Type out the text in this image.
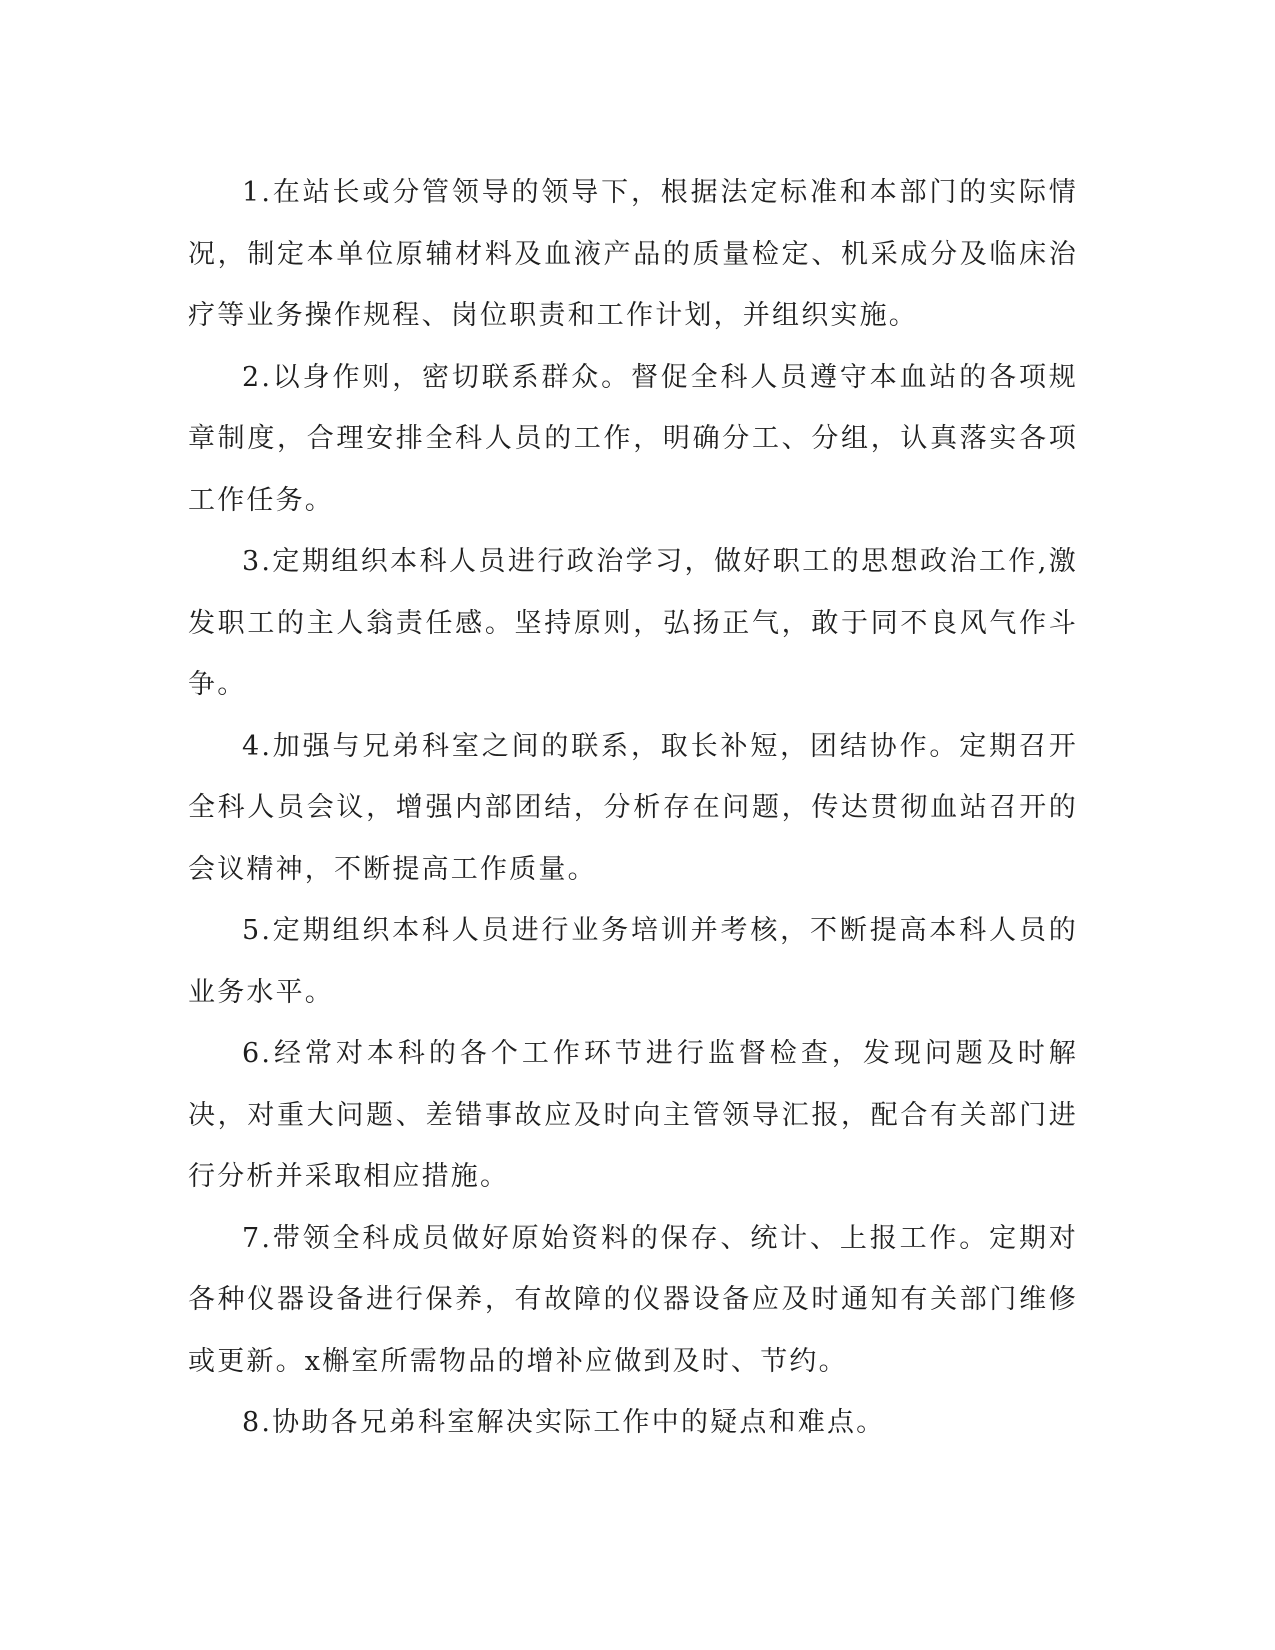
1.在站长或分管领导的领导下，根据法定标准和本部门的实际情况，制定本单位原辅材料及血液产品的质量检定、机采成分及临床治疗等业务操作规程、岗位职责和工作计划，并组织实施。

2.以身作则，密切联系群众。督促全科人员遵守本血站的各项规章制度，合理安排全科人员的工作，明确分工、分组，认真落实各项工作任务。

3.定期组织本科人员进行政治学习，做好职工的思想政治工作,激发职工的主人翁责任感。坚持原则，弘扬正气，敢于同不良风气作斗争。

4.加强与兄弟科室之间的联系，取长补短，团结协作。定期召开全科人员会议，增强内部团结，分析存在问题，传达贯彻血站召开的会议精神，不断提高工作质量。

5.定期组织本科人员进行业务培训并考核，不断提高本科人员的业务水平。

6.经常对本科的各个工作环节进行监督检查，发现问题及时解决，对重大问题、差错事故应及时向主管领导汇报，配合有关部门进行分析并采取相应措施。

7.带领全科成员做好原始资料的保存、统计、上报工作。定期对各种仪器设备进行保养，有故障的仪器设备应及时通知有关部门维修或更新。x槲室所需物品的增补应做到及时、节约。

8.协助各兄弟科室解决实际工作中的疑点和难点。
